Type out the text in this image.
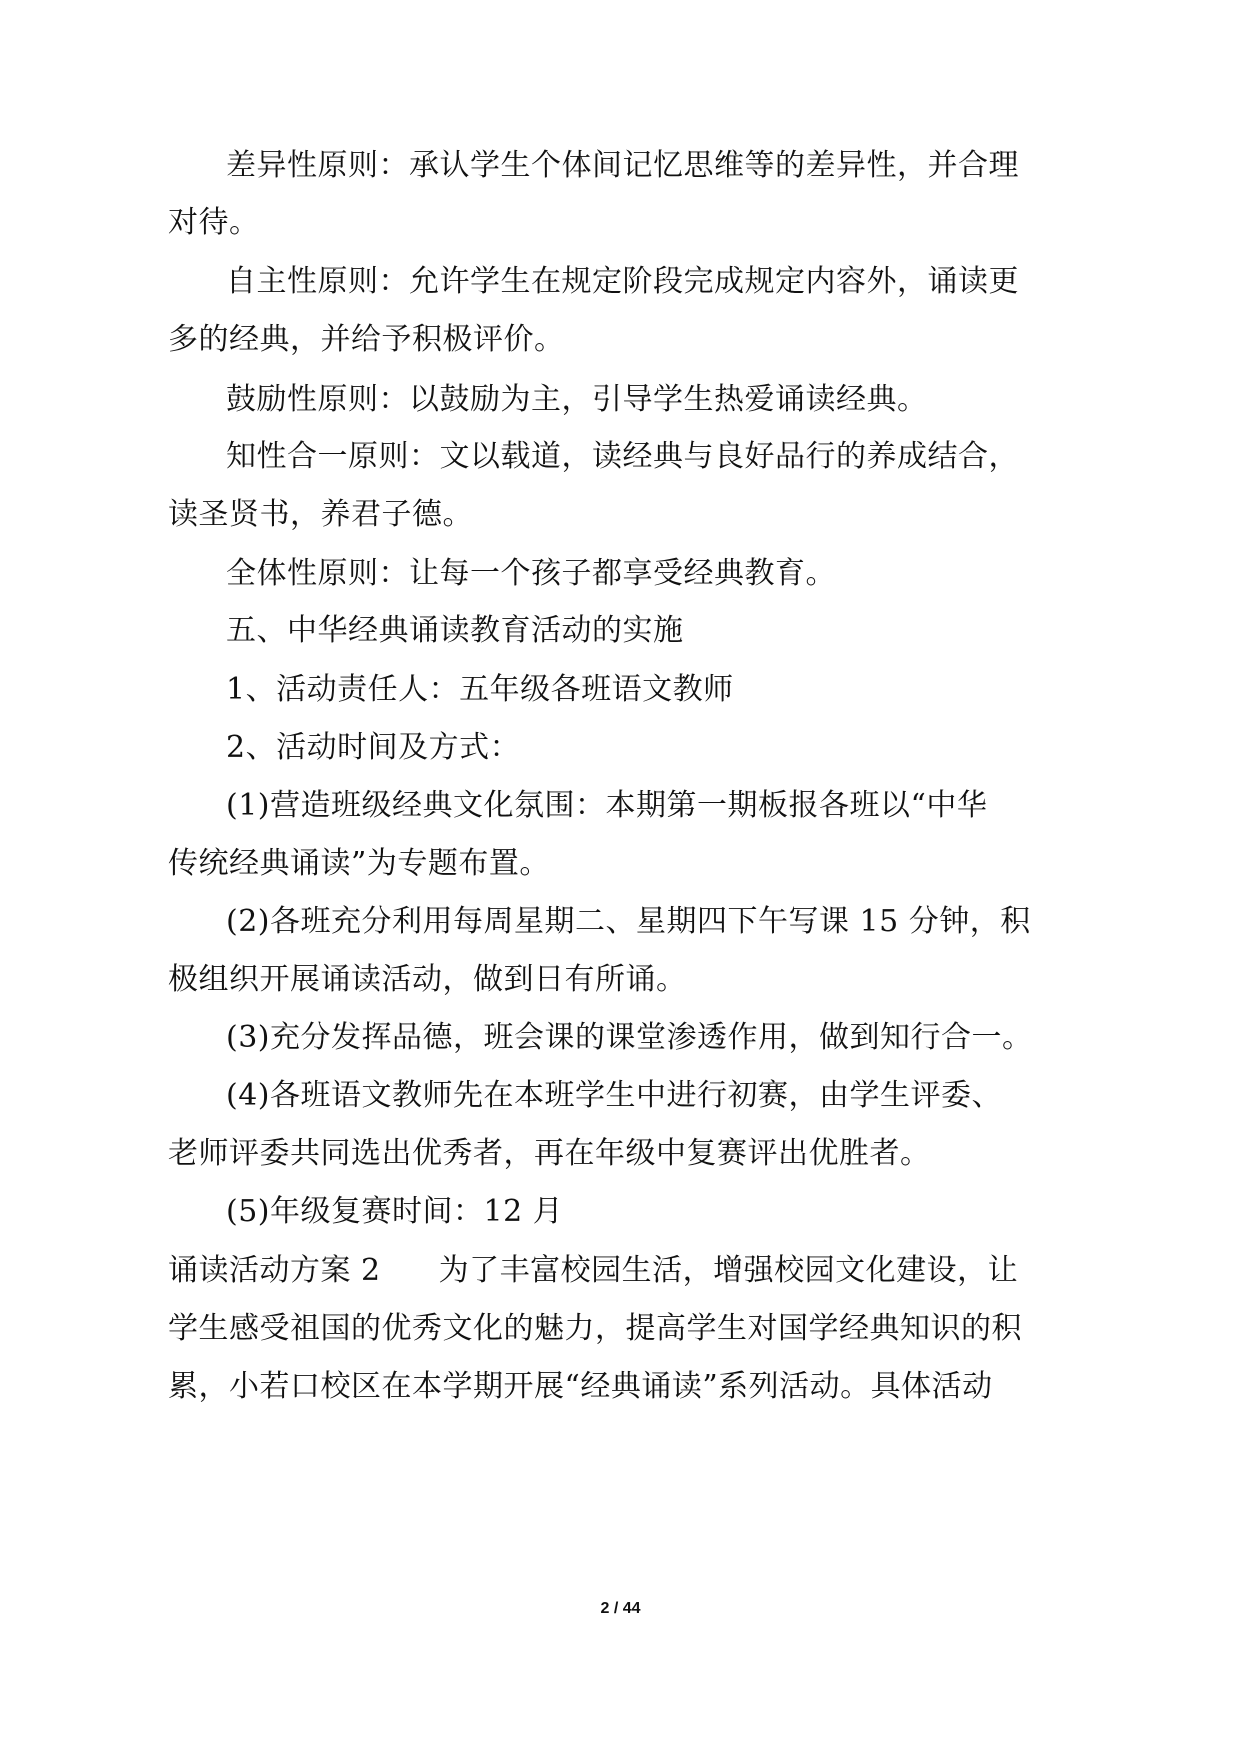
差异性原则：承认学生个体间记忆思维等的差异性，并合理
对待。
自主性原则：允许学生在规定阶段完成规定内容外，诵读更
多的经典，并给予积极评价。
鼓励性原则：以鼓励为主，引导学生热爱诵读经典。
知性合一原则：文以载道，读经典与良好品行的养成结合，
读圣贤书，养君子德。
全体性原则：让每一个孩子都享受经典教育。
五、中华经典诵读教育活动的实施
1、活动责任人：五年级各班语文教师
2、活动时间及方式：
(1)营造班级经典文化氛围：本期第一期板报各班以“中华
传统经典诵读”为专题布置。
(2)各班充分利用每周星期二、星期四下午写课 15 分钟，积
极组织开展诵读活动，做到日有所诵。
(3)充分发挥品德，班会课的课堂渗透作用，做到知行合一。
(4)各班语文教师先在本班学生中进行初赛，由学生评委、
老师评委共同选出优秀者，再在年级中复赛评出优胜者。
(5)年级复赛时间：12 月
诵读活动方案 2 为了丰富校园生活，增强校园文化建设，让
学生感受祖国的优秀文化的魅力，提高学生对国学经典知识的积
累，小若口校区在本学期开展“经典诵读”系列活动。具体活动
2 / 44
